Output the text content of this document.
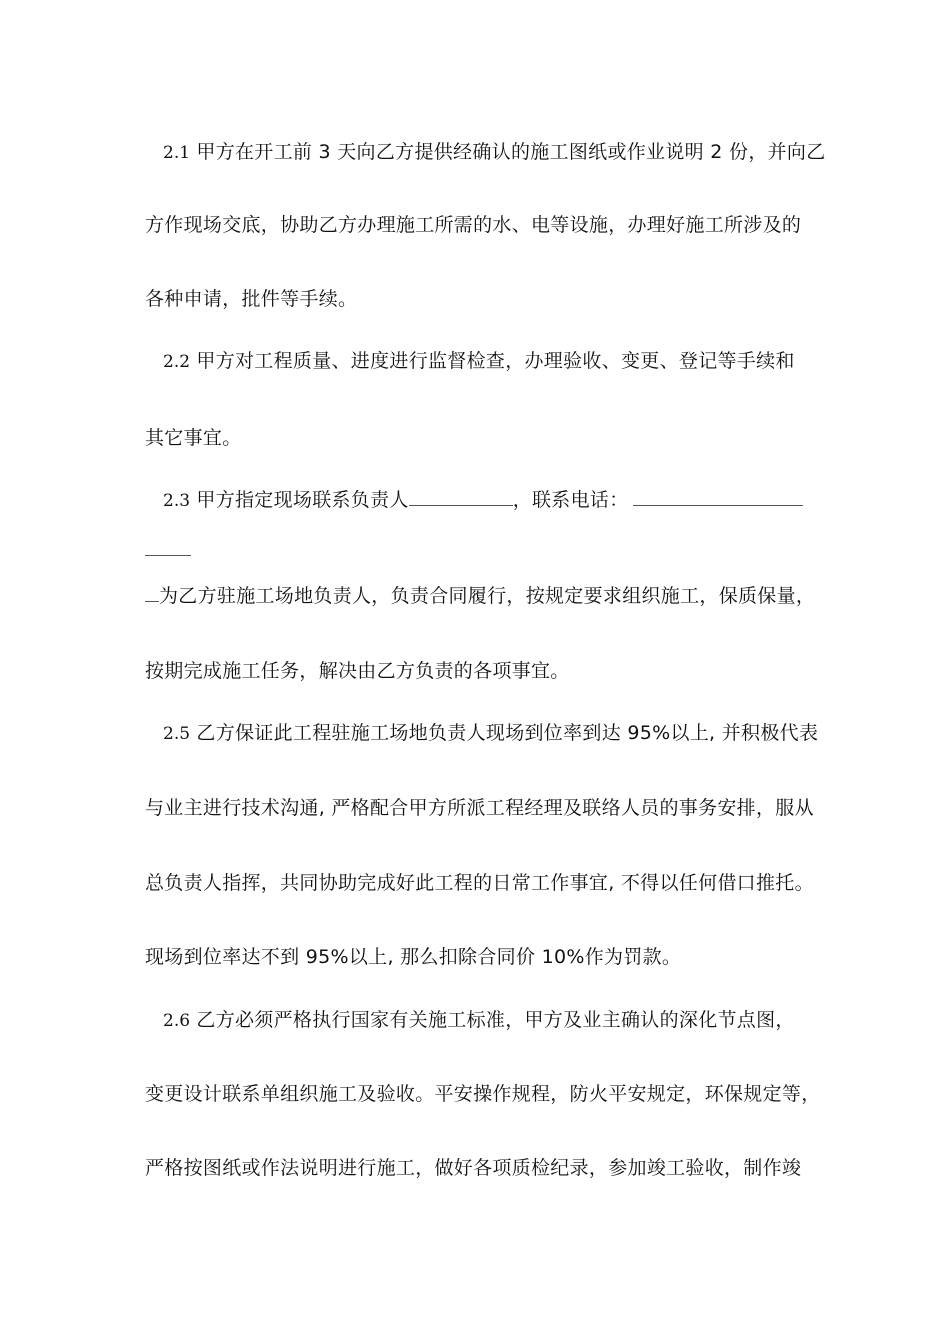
2.1 甲方在开工前 3 天向乙方提供经确认的施工图纸或作业说明 2 份，并向乙

方作现场交底，协助乙方办理施工所需的水、电等设施，办理好施工所涉及的

各种申请，批件等手续。

2.2 甲方对工程质量、进度进行监督检查，办理验收、变更、登记等手续和

其它事宜。

2.3 甲方指定现场联系负责人	，联系电话：

为乙方驻施工场地负责人，负责合同履行，按规定要求组织施工，保质保量，

按期完成施工任务，解决由乙方负责的各项事宜。

2.5 乙方保证此工程驻施工场地负责人现场到位率到达 95%以上, 并积极代表

与业主进行技术沟通, 严格配合甲方所派工程经理及联络人员的事务安排，服从

总负责人指挥，共同协助完成好此工程的日常工作事宜, 不得以任何借口推托。

现场到位率达不到 95%以上, 那么扣除合同价 10%作为罚款。

2.6 乙方必须严格执行国家有关施工标准，甲方及业主确认的深化节点图，

变更设计联系单组织施工及验收。平安操作规程，防火平安规定，环保规定等，

严格按图纸或作法说明进行施工，做好各项质检纪录，参加竣工验收，制作竣
